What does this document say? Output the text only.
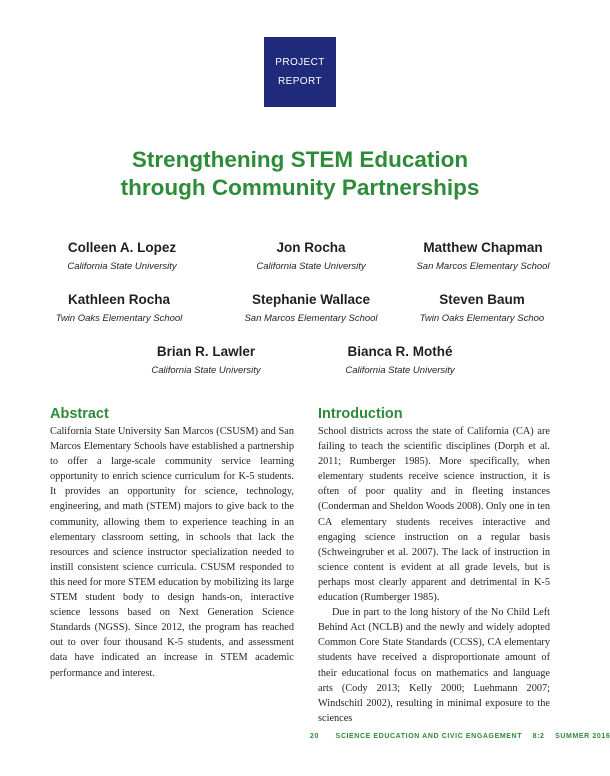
PROJECT
REPORT
Strengthening STEM Education
through Community Partnerships
Colleen A. Lopez
California State University
Jon Rocha
California State University
Matthew Chapman
San Marcos Elementary School
Kathleen Rocha
Twin Oaks Elementary School
Stephanie Wallace
San Marcos Elementary School
Steven Baum
Twin Oaks Elementary Schoo
Brian R. Lawler
California State University
Bianca R. Mothé
California State University
Abstract

California State University San Marcos (CSUSM) and San Marcos Elementary Schools have established a partnership to offer a large-scale community service learning opportunity to enrich science curriculum for K-5 students. It provides an opportunity for science, technology, engineering, and math (STEM) majors to give back to the community, allowing them to experience teaching in an elementary classroom setting, in schools that lack the resources and science instructor specialization needed to instill consistent science curricula. CSUSM responded to this need for more STEM education by mobilizing its large STEM student body to design hands-on, interactive science lessons based on Next Generation Science Standards (NGSS). Since 2012, the program has reached out to over four thousand K-5 students, and assessment data have indicated an increase in STEM academic performance and interest.

Introduction

School districts across the state of California (CA) are failing to teach the scientific disciplines (Dorph et al. 2011; Rumberger 1985). More specifically, when elementary students receive science instruction, it is often of poor quality and in fleeting instances (Conderman and Sheldon Woods 2008). Only one in ten CA elementary students receives interactive and engaging science instruction on a regular basis (Schweingruber et al. 2007). The lack of instruction in science content is evident at all grade levels, but is perhaps most clearly apparent and detrimental in K-5 education (Rumberger 1985).

Due in part to the long history of the No Child Left Behind Act (NCLB) and the newly and widely adopted Common Core State Standards (CCSS), CA elementary students have received a disproportionate amount of their educational focus on mathematics and language arts (Cody 2013; Kelly 2000; Luehmann 2007; Windschitl 2002), resulting in minimal exposure to the sciences

20 SCIENCE EDUCATION AND CIVIC ENGAGEMENT 8:2 SUMMER 2016
